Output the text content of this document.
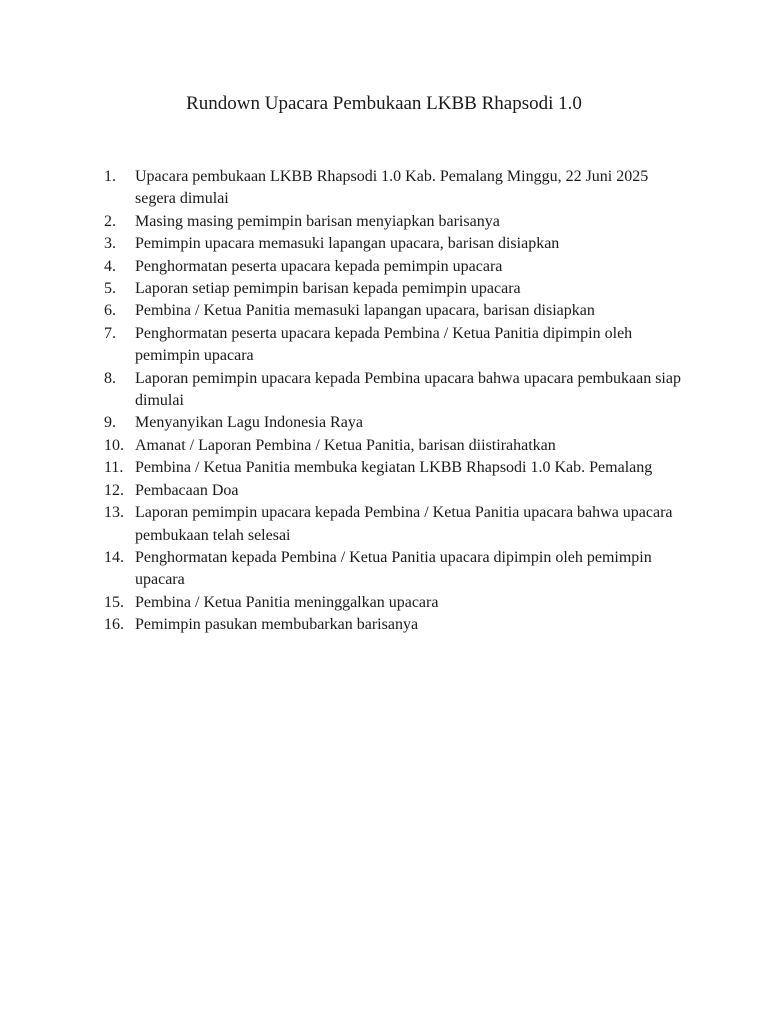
Rundown Upacara Pembukaan LKBB Rhapsodi 1.0
1. Upacara pembukaan LKBB Rhapsodi 1.0 Kab. Pemalang Minggu, 22 Juni 2025 segera dimulai
2. Masing masing pemimpin barisan menyiapkan barisanya
3. Pemimpin upacara memasuki lapangan upacara, barisan disiapkan
4. Penghormatan peserta upacara kepada pemimpin upacara
5. Laporan setiap pemimpin barisan kepada pemimpin upacara
6. Pembina / Ketua Panitia memasuki lapangan upacara, barisan disiapkan
7. Penghormatan peserta upacara kepada Pembina / Ketua Panitia dipimpin oleh pemimpin upacara
8. Laporan pemimpin upacara kepada Pembina upacara bahwa upacara pembukaan siap dimulai
9. Menyanyikan Lagu Indonesia Raya
10. Amanat / Laporan Pembina / Ketua Panitia, barisan diistirahatkan
11. Pembina / Ketua Panitia membuka kegiatan LKBB Rhapsodi 1.0 Kab. Pemalang
12. Pembacaan Doa
13. Laporan pemimpin upacara kepada Pembina / Ketua Panitia upacara bahwa upacara pembukaan telah selesai
14. Penghormatan kepada Pembina / Ketua Panitia upacara dipimpin oleh pemimpin upacara
15. Pembina / Ketua Panitia meninggalkan upacara
16. Pemimpin pasukan membubarkan barisanya
